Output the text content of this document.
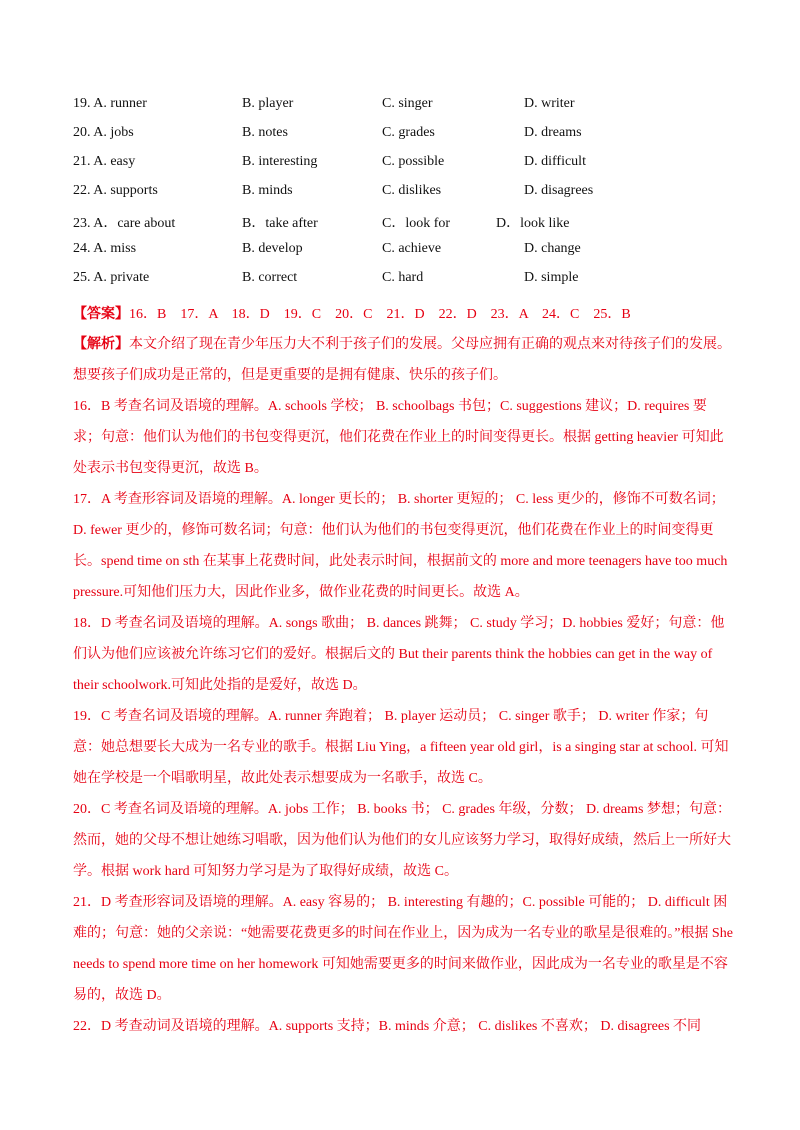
19. A. runner	B. player	C. singer	D. writer
20. A. jobs	B. notes	C. grades	D. dreams
21. A. easy	B. interesting	C. possible	D. difficult
22. A. supports	B. minds	C. dislikes	D. disagrees
23. A．care about	B．take after	C．look for	D．look like
24. A. miss	B. develop	C. achieve	D. change
25. A. private	B. correct	C. hard	D. simple
【答案】16．B　17．A　18．D　19．C　20．C　21．D　22．D　23．A　24．C　25．B

【解析】本文介绍了现在青少年压力大不利于孩子们的发展。父母应拥有正确的观点来对待孩子们的发展。想要孩子们成功是正常的，但是更重要的是拥有健康、快乐的孩子们。

16．B 考查名词及语境的理解。A. schools 学校； B. schoolbags 书包；C. suggestions 建议；D. requires 要求；句意：他们认为他们的书包变得更沉，他们花费在作业上的时间变得更长。根据 getting heavier 可知此处表示书包变得更沉，故选 B。

17．A 考查形容词及语境的理解。A. longer 更长的； B. shorter 更短的； C. less 更少的，修饰不可数名词； D. fewer 更少的，修饰可数名词；句意：他们认为他们的书包变得更沉，他们花费在作业上的时间变得更长。spend time on sth 在某事上花费时间，此处表示时间，根据前文的 more and more teenagers have too much pressure.可知他们压力大，因此作业多，做作业花费的时间更长。故选 A。

18．D 考查名词及语境的理解。A. songs 歌曲； B. dances 跳舞； C. study 学习；D. hobbies 爱好；句意：他们认为他们应该被允许练习它们的爱好。根据后文的 But their parents think the hobbies can get in the way of their schoolwork.可知此处指的是爱好，故选 D。

19．C 考查名词及语境的理解。A. runner 奔跑着； B. player 运动员； C. singer 歌手； D. writer 作家；句意：她总想要长大成为一名专业的歌手。根据 Liu Ying，a fifteen year old girl，is a singing star at school. 可知她在学校是一个唱歌明星，故此处表示想要成为一名歌手，故选 C。

20．C 考查名词及语境的理解。A. jobs 工作； B. books 书； C. grades 年级，分数； D. dreams 梦想；句意：然而，她的父母不想让她练习唱歌，因为他们认为他们的女儿应该努力学习，取得好成绩，然后上一所好大学。根据 work hard 可知努力学习是为了取得好成绩，故选 C。

21．D 考查形容词及语境的理解。A. easy 容易的； B. interesting 有趣的；C. possible 可能的； D. difficult 困难的；句意：她的父亲说：“她需要花费更多的时间在作业上，因为成为一名专业的歌星是很难的。”根据 She needs to spend more time on her homework 可知她需要更多的时间来做作业，因此成为一名专业的歌星是不容易的，故选 D。

22．D 考查动词及语境的理解。A. supports 支持；B. minds 介意； C. dislikes 不喜欢； D. disagrees 不同
